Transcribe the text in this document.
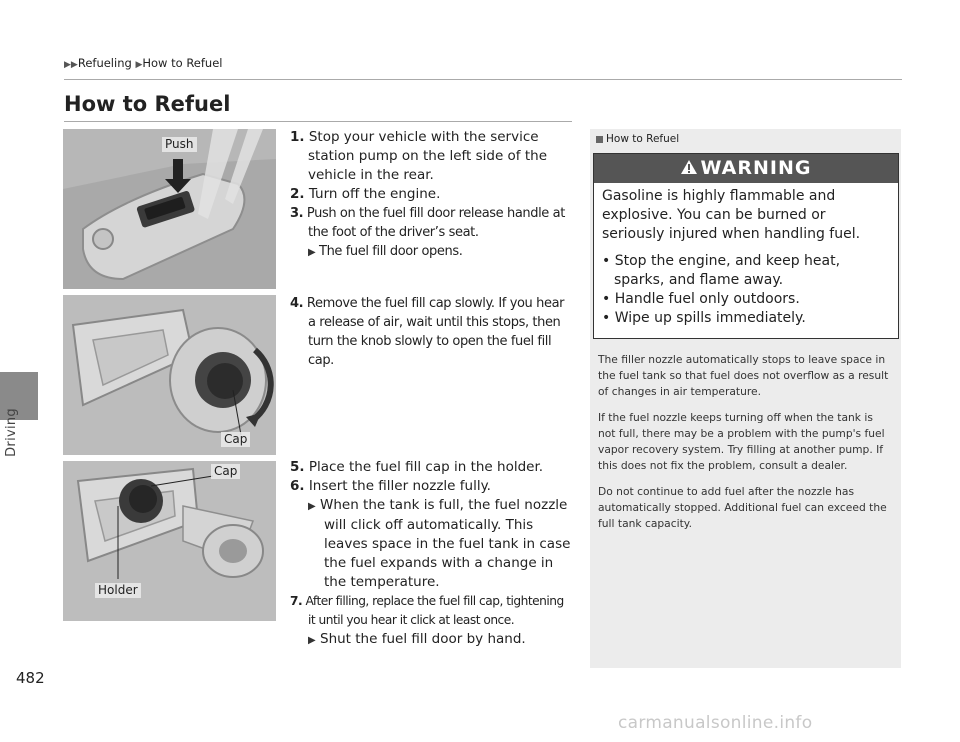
Driving
482
▶▶Refueling ▶How to Refuel
How to Refuel
Push
Cap
Cap
Holder
1. Stop your vehicle with the service station pump on the left side of the vehicle in the rear.
2. Turn off the engine.
3. Push on the fuel fill door release handle at the foot of the driver’s seat.
▶ The fuel fill door opens.
4. Remove the fuel fill cap slowly. If you hear a release of air, wait until this stops, then turn the knob slowly to open the fuel fill cap.
5. Place the fuel fill cap in the holder.
6. Insert the filler nozzle fully.
▶ When the tank is full, the fuel nozzle will click off automatically. This leaves space in the fuel tank in case the fuel expands with a change in the temperature.
7. After filling, replace the fuel fill cap, tightening it until you hear it click at least once.
▶ Shut the fuel fill door by hand.
How to Refuel
WARNING
Gasoline is highly flammable and explosive. You can be burned or seriously injured when handling fuel.
• Stop the engine, and keep heat, sparks, and flame away.
• Handle fuel only outdoors.
• Wipe up spills immediately.

The filler nozzle automatically stops to leave space in the fuel tank so that fuel does not overflow as a result of changes in air temperature.

If the fuel nozzle keeps turning off when the tank is not full, there may be a problem with the pump's fuel vapor recovery system. Try filling at another pump. If this does not fix the problem, consult a dealer.

Do not continue to add fuel after the nozzle has automatically stopped. Additional fuel can exceed the full tank capacity.

carmanualsonline.info
